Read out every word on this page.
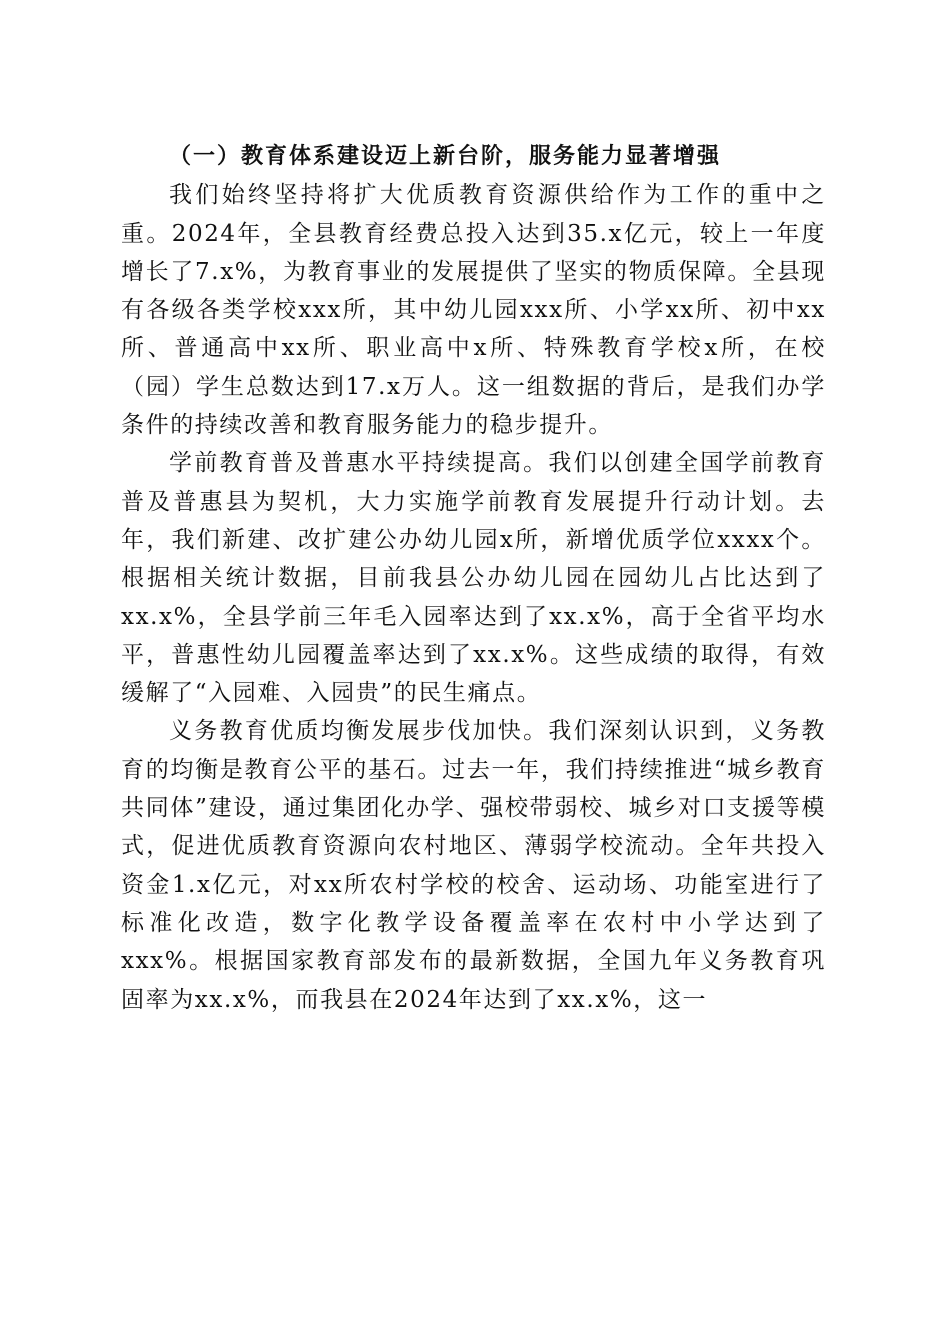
（一）教育体系建设迈上新台阶，服务能力显著增强

我们始终坚持将扩大优质教育资源供给作为工作的重中之重。2024年，全县教育经费总投入达到35.x亿元，较上一年度增长了7.x%，为教育事业的发展提供了坚实的物质保障。全县现有各级各类学校xxx所，其中幼儿园xxx所、小学xx所、初中xx所、普通高中xx所、职业高中x所、特殊教育学校x所，在校（园）学生总数达到17.x万人。这一组数据的背后，是我们办学条件的持续改善和教育服务能力的稳步提升。

学前教育普及普惠水平持续提高。我们以创建全国学前教育普及普惠县为契机，大力实施学前教育发展提升行动计划。去年，我们新建、改扩建公办幼儿园x所，新增优质学位xxxx个。根据相关统计数据，目前我县公办幼儿园在园幼儿占比达到了xx.x%，全县学前三年毛入园率达到了xx.x%，高于全省平均水平，普惠性幼儿园覆盖率达到了xx.x%。这些成绩的取得，有效缓解了“入园难、入园贵”的民生痛点。

义务教育优质均衡发展步伐加快。我们深刻认识到，义务教育的均衡是教育公平的基石。过去一年，我们持续推进“城乡教育共同体”建设，通过集团化办学、强校带弱校、城乡对口支援等模式，促进优质教育资源向农村地区、薄弱学校流动。全年共投入资金1.x亿元，对xx所农村学校的校舍、运动场、功能室进行了标准化改造，数字化教学设备覆盖率在农村中小学达到了xxx%。根据国家教育部发布的最新数据，全国九年义务教育巩固率为xx.x%，而我县在2024年达到了xx.x%，这一
